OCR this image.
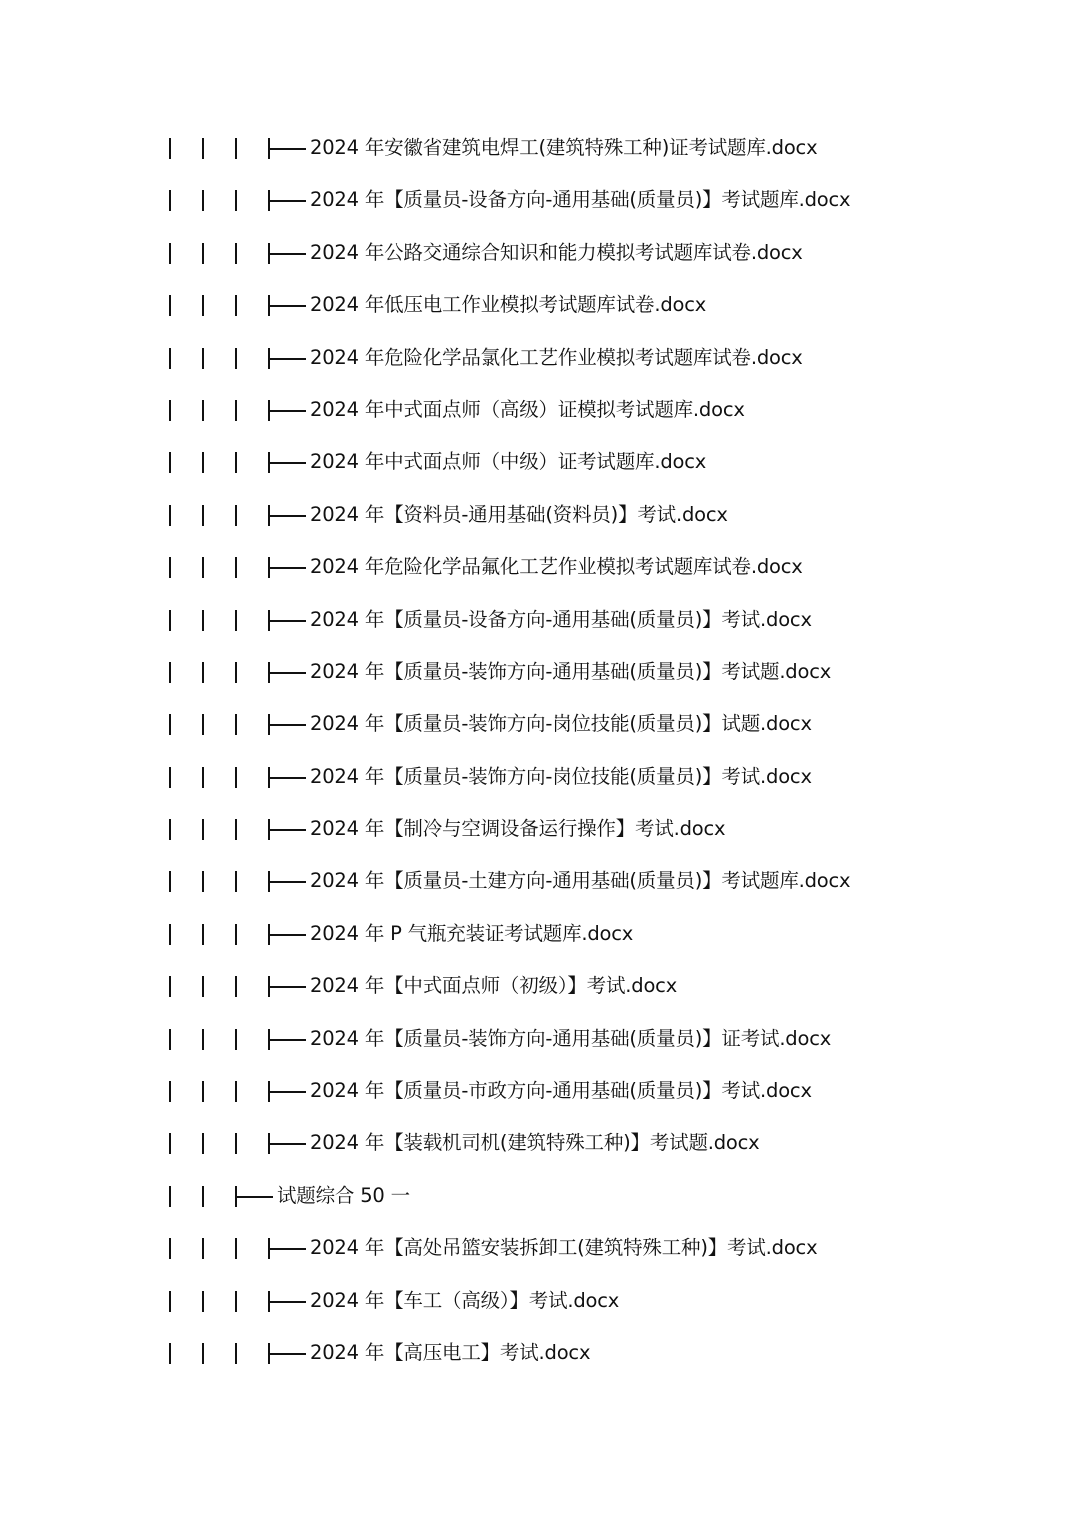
2024 年安徽省建筑电焊工(建筑特殊工种)证考试题库.docx
2024 年【质量员-设备方向-通用基础(质量员)】考试题库.docx
2024 年公路交通综合知识和能力模拟考试题库试卷.docx
2024 年低压电工作业模拟考试题库试卷.docx
2024 年危险化学品氯化工艺作业模拟考试题库试卷.docx
2024 年中式面点师（高级）证模拟考试题库.docx
2024 年中式面点师（中级）证考试题库.docx
2024 年【资料员-通用基础(资料员)】考试.docx
2024 年危险化学品氟化工艺作业模拟考试题库试卷.docx
2024 年【质量员-设备方向-通用基础(质量员)】考试.docx
2024 年【质量员-装饰方向-通用基础(质量员)】考试题.docx
2024 年【质量员-装饰方向-岗位技能(质量员)】试题.docx
2024 年【质量员-装饰方向-岗位技能(质量员)】考试.docx
2024 年【制冷与空调设备运行操作】考试.docx
2024 年【质量员-土建方向-通用基础(质量员)】考试题库.docx
2024 年 P 气瓶充装证考试题库.docx
2024 年【中式面点师（初级）】考试.docx
2024 年【质量员-装饰方向-通用基础(质量员)】证考试.docx
2024 年【质量员-市政方向-通用基础(质量员)】考试.docx
2024 年【装载机司机(建筑特殊工种)】考试题.docx
试题综合 50 一
2024 年【高处吊篮安装拆卸工(建筑特殊工种)】考试.docx
2024 年【车工（高级）】考试.docx
2024 年【高压电工】考试.docx
